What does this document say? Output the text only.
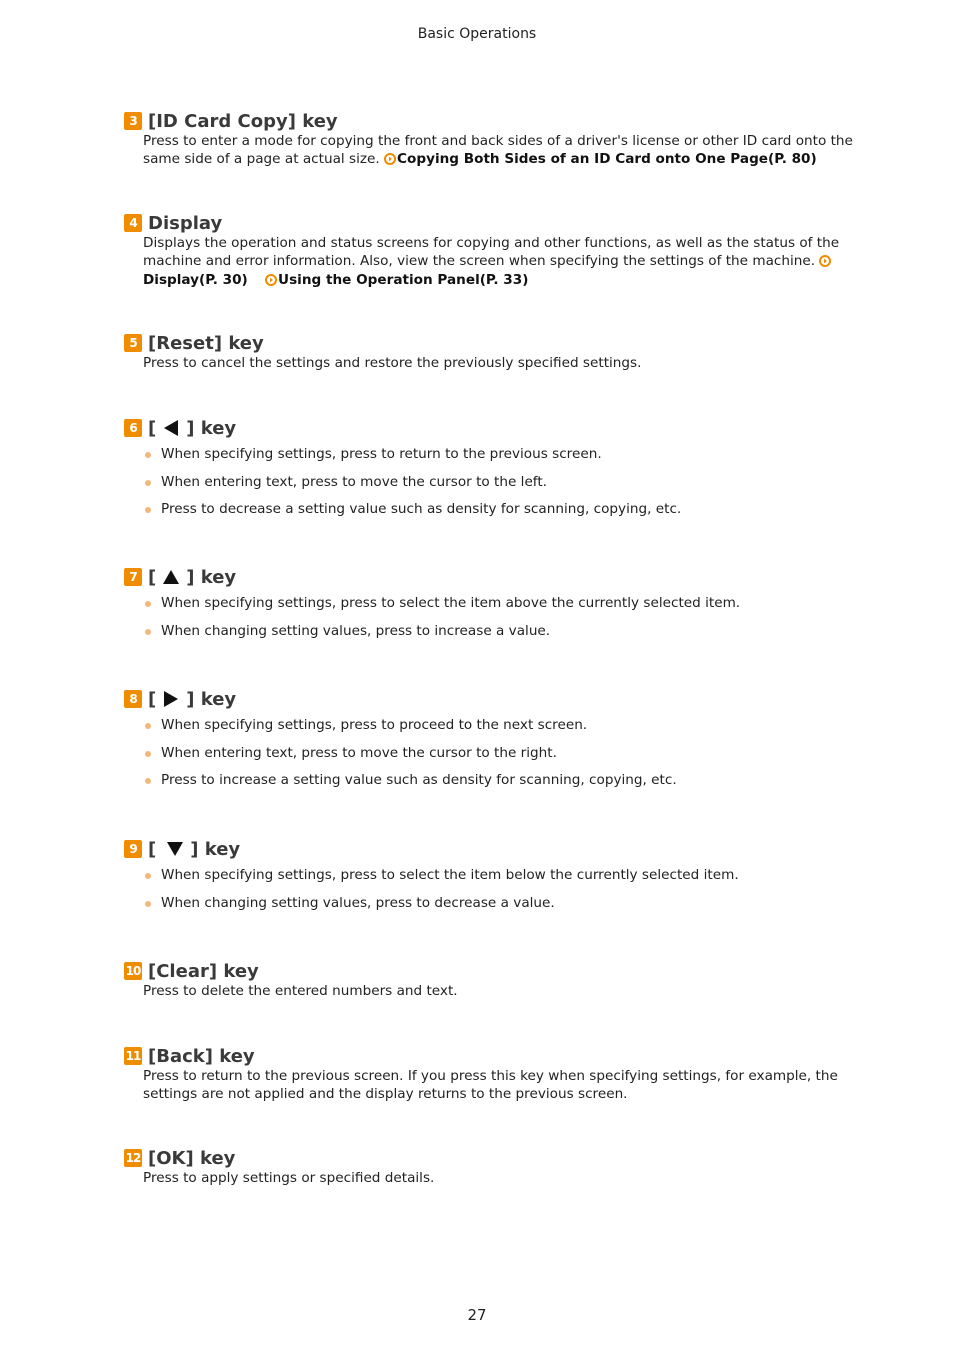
Basic Operations
3 [ID Card Copy] key
Press to enter a mode for copying the front and back sides of a driver's license or other ID card onto the same side of a page at actual size. Copying Both Sides of an ID Card onto One Page(P. 80)
4 Display
Displays the operation and status screens for copying and other functions, as well as the status of the machine and error information. Also, view the screen when specifying the settings of the machine.
Display(P. 30) Using the Operation Panel(P. 33)
5 [Reset] key
Press to cancel the settings and restore the previously specified settings.
6 [ ] key
When specifying settings, press to return to the previous screen.
When entering text, press to move the cursor to the left.
Press to decrease a setting value such as density for scanning, copying, etc.
7 [ ] key
When specifying settings, press to select the item above the currently selected item.
When changing setting values, press to increase a value.
8 [ ] key
When specifying settings, press to proceed to the next screen.
When entering text, press to move the cursor to the right.
Press to increase a setting value such as density for scanning, copying, etc.
9 [ ] key
When specifying settings, press to select the item below the currently selected item.
When changing setting values, press to decrease a value.
10 [Clear] key
Press to delete the entered numbers and text.
11 [Back] key
Press to return to the previous screen. If you press this key when specifying settings, for example, the settings are not applied and the display returns to the previous screen.
12 [OK] key
Press to apply settings or specified details.
27
